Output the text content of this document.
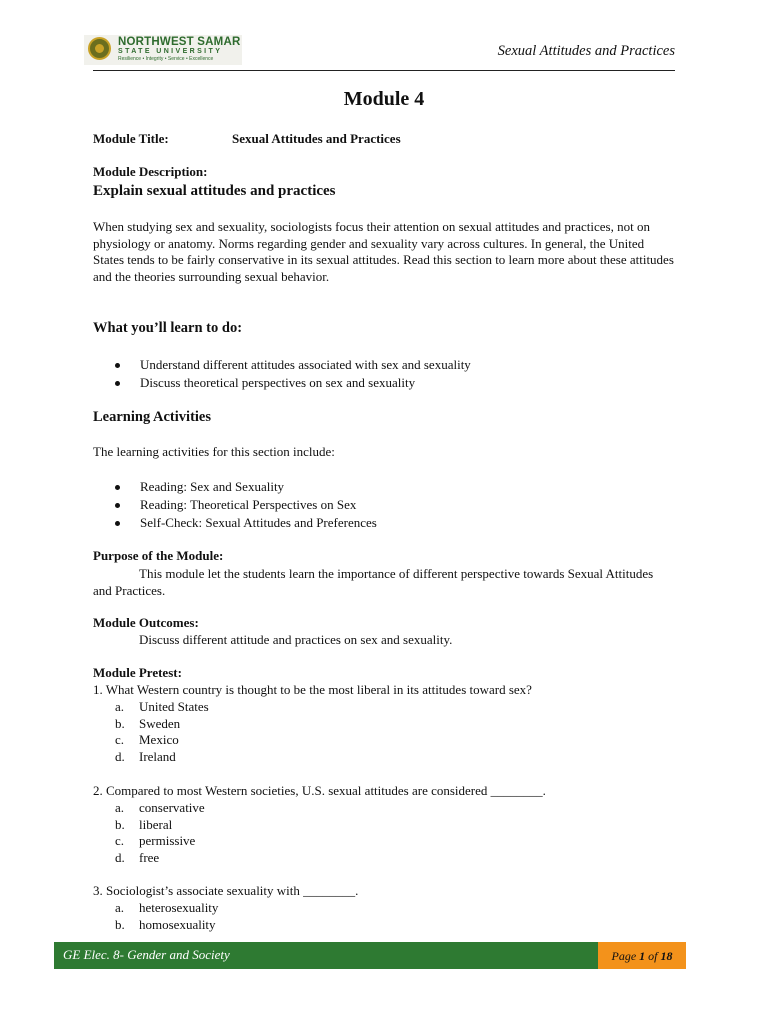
NORTHWEST SAMAR
STATE UNIVERSITY
Resilience • Integrity • Service • Excellence	Sexual Attitudes and Practices
Module 4
Module Title:	Sexual Attitudes and Practices
Module Description:
Explain sexual attitudes and practices
When studying sex and sexuality, sociologists focus their attention on sexual attitudes and practices, not on physiology or anatomy. Norms regarding gender and sexuality vary across cultures. In general, the United States tends to be fairly conservative in its sexual attitudes. Read this section to learn more about these attitudes and the theories surrounding sexual behavior.
What you’ll learn to do:
Understand different attitudes associated with sex and sexuality
Discuss theoretical perspectives on sex and sexuality
Learning Activities
The learning activities for this section include:
Reading: Sex and Sexuality
Reading: Theoretical Perspectives on Sex
Self-Check: Sexual Attitudes and Preferences
Purpose of the Module:
This module let the students learn the importance of different perspective towards Sexual Attitudes and Practices.
Module Outcomes:
Discuss different attitude and practices on sex and sexuality.
Module Pretest:
1. What Western country is thought to be the most liberal in its attitudes toward sex?
a. United States
b. Sweden
c. Mexico
d. Ireland
2. Compared to most Western societies, U.S. sexual attitudes are considered ________.
a. conservative
b. liberal
c. permissive
d. free
3. Sociologist’s associate sexuality with ________.
a. heterosexuality
b. homosexuality
GE Elec. 8- Gender and Society	Page 1 of 18
